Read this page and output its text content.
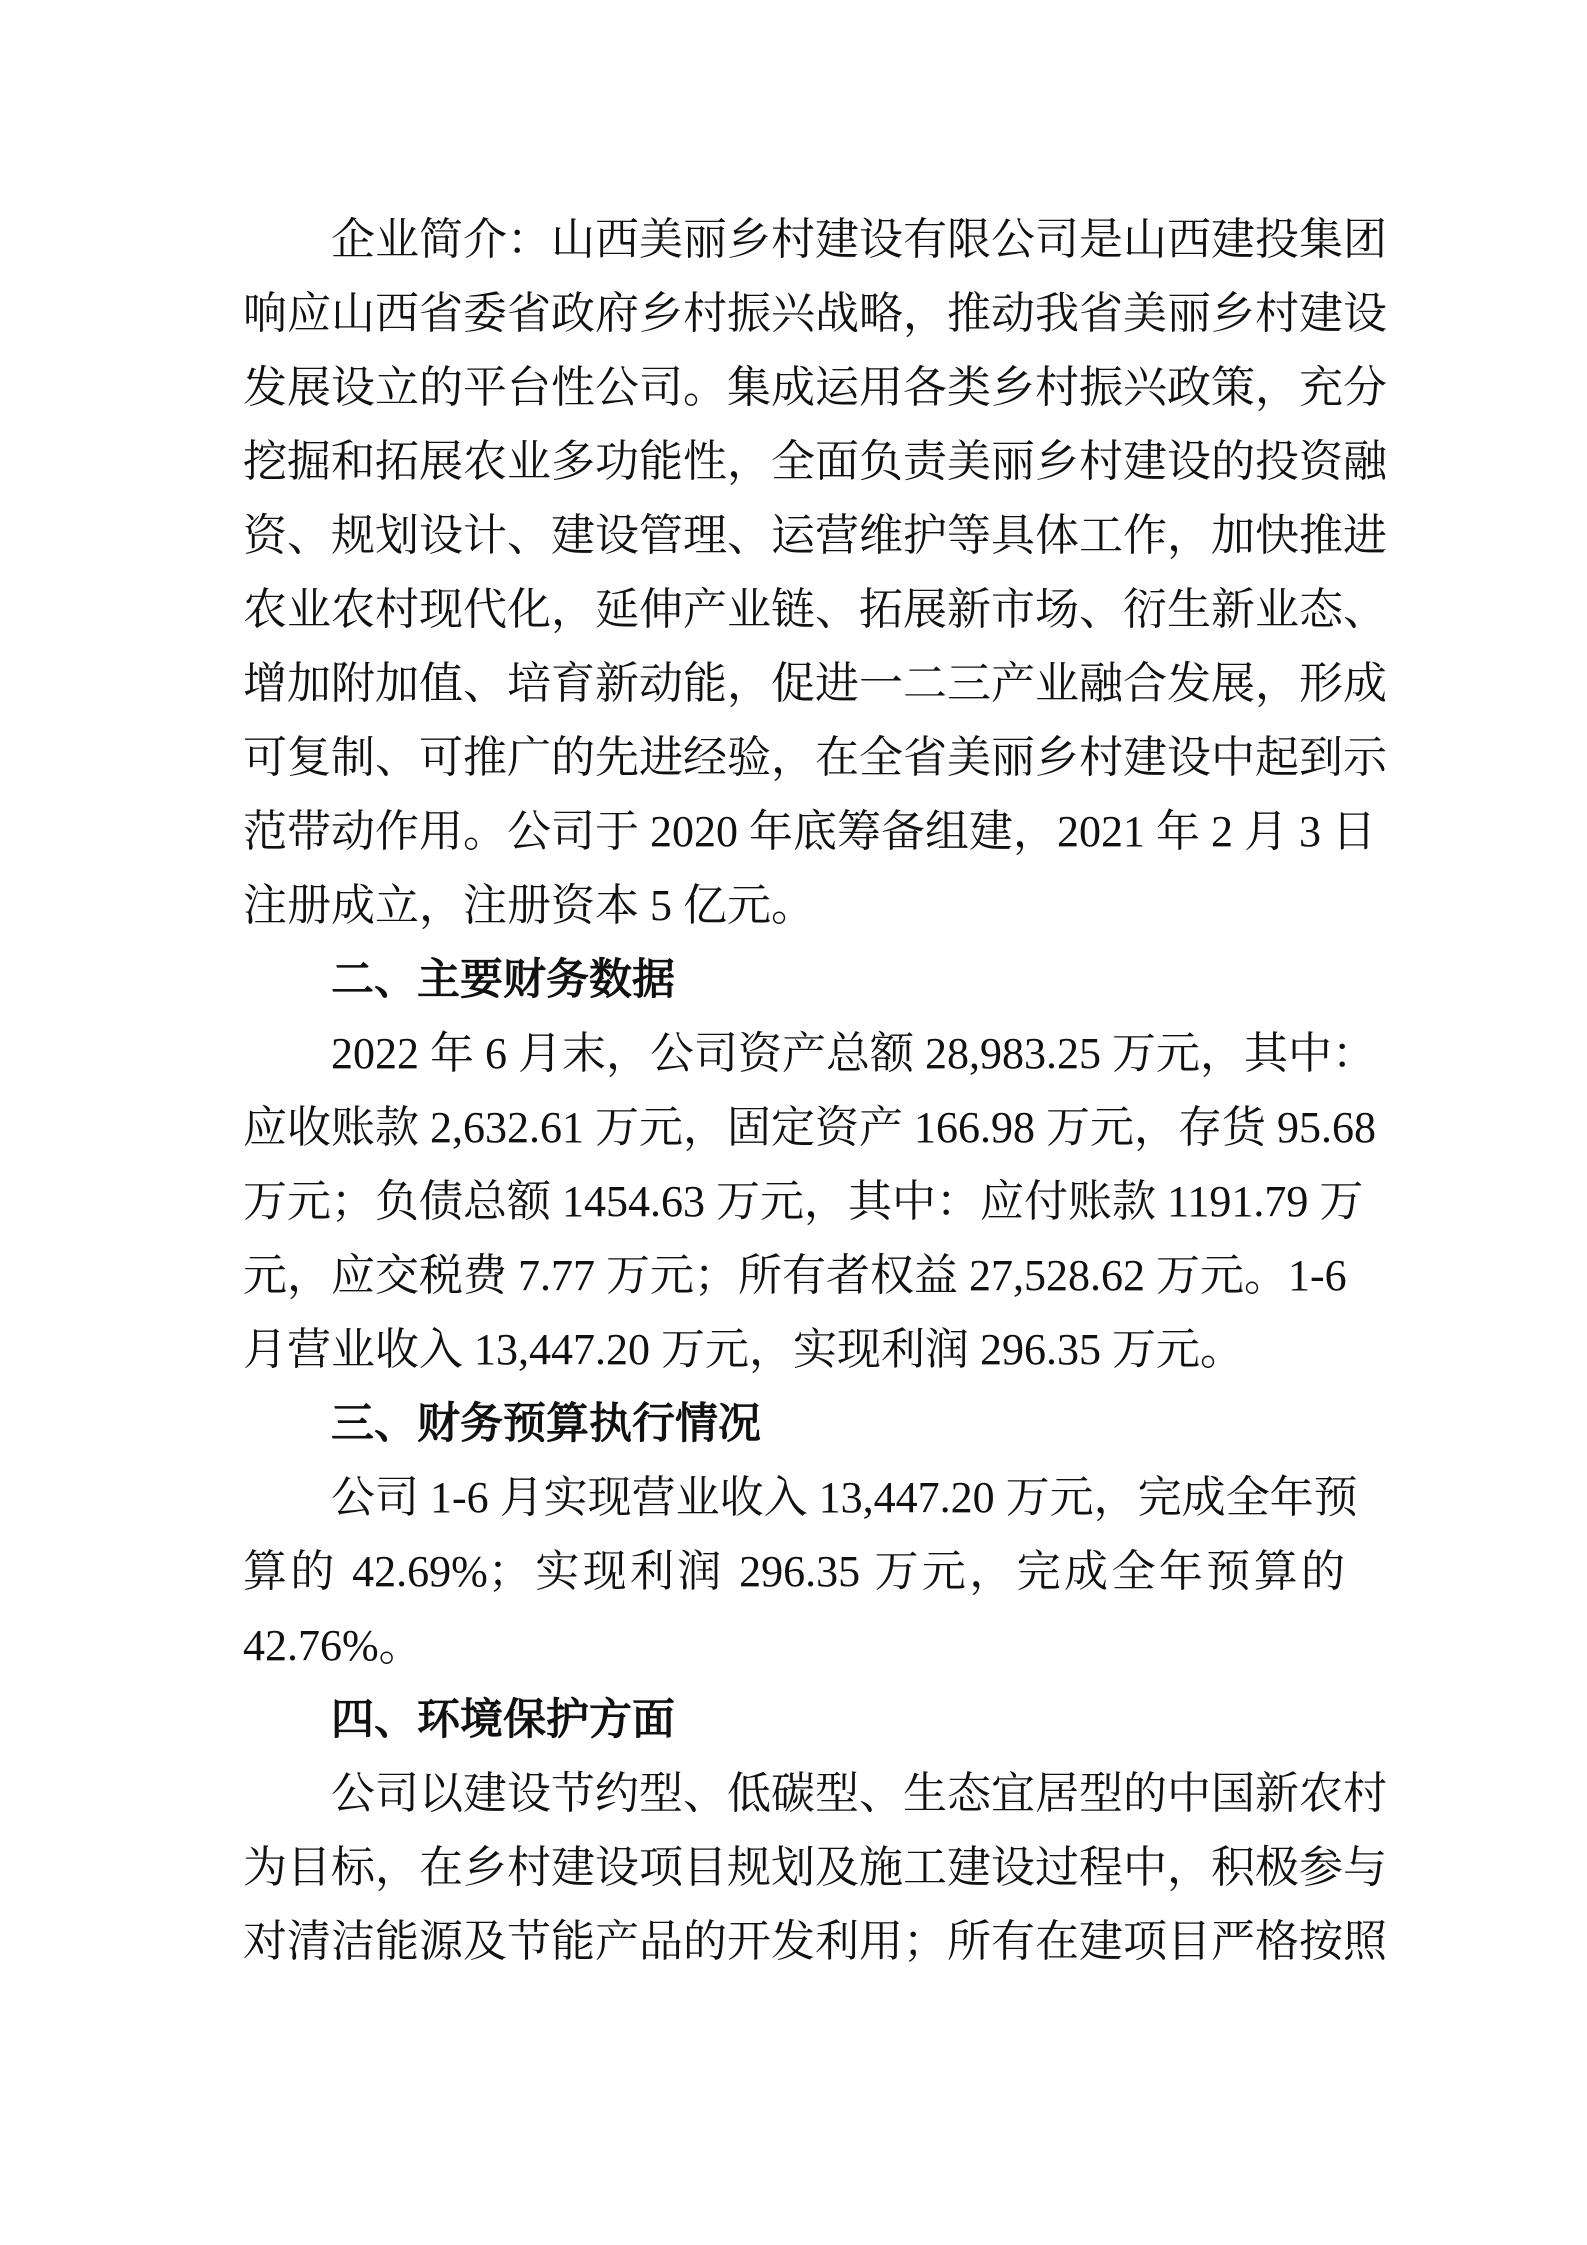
企业简介：山西美丽乡村建设有限公司是山西建投集团
响应山西省委省政府乡村振兴战略，推动我省美丽乡村建设
发展设立的平台性公司。集成运用各类乡村振兴政策，充分
挖掘和拓展农业多功能性，全面负责美丽乡村建设的投资融
资、规划设计、建设管理、运营维护等具体工作，加快推进
农业农村现代化，延伸产业链、拓展新市场、衍生新业态、
增加附加值、培育新动能，促进一二三产业融合发展，形成
可复制、可推广的先进经验，在全省美丽乡村建设中起到示
范带动作用。公司于 2020 年底筹备组建，2021 年 2 月 3 日
注册成立，注册资本 5 亿元。
二、主要财务数据
2022 年 6 月末，公司资产总额 28,983.25 万元，其中：
应收账款 2,632.61 万元，固定资产 166.98 万元，存货 95.68
万元；负债总额 1454.63 万元，其中：应付账款 1191.79 万
元，应交税费 7.77 万元；所有者权益 27,528.62 万元。1-6
月营业收入 13,447.20 万元，实现利润 296.35 万元。
三、财务预算执行情况
公司 1-6 月实现营业收入 13,447.20 万元，完成全年预
算的 42.69%；实现利润 296.35 万元，完成全年预算的
42.76%。
四、环境保护方面
公司以建设节约型、低碳型、生态宜居型的中国新农村
为目标，在乡村建设项目规划及施工建设过程中，积极参与
对清洁能源及节能产品的开发利用；所有在建项目严格按照
